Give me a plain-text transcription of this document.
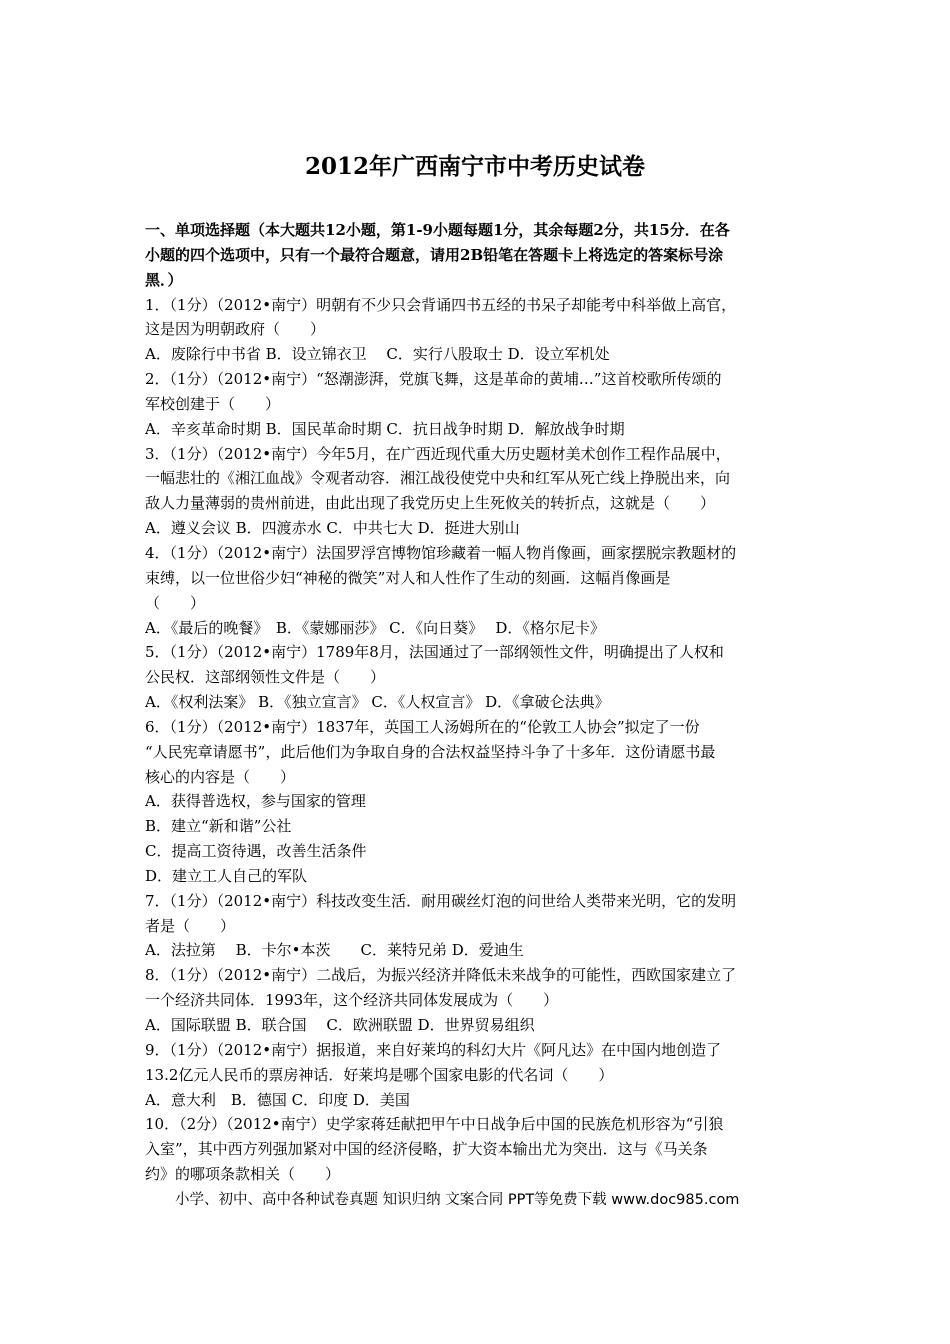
2012年广西南宁市中考历史试卷
一、单项选择题（本大题共12小题，第1-9小题每题1分，其余每题2分，共15分．在各
小题的四个选项中，只有一个最符合题意，请用2B铅笔在答题卡上将选定的答案标号涂
黑．）
1．（1分）（2012•南宁）明朝有不少只会背诵四书五经的书呆子却能考中科举做上高官，
这是因为明朝政府（　　）
A．废除行中书省 B．设立锦衣卫　 C．实行八股取士 D．设立军机处
2．（1分）（2012•南宁）“怒潮澎湃，党旗飞舞，这是革命的黄埔…”这首校歌所传颂的
军校创建于（　　）
A．辛亥革命时期 B．国民革命时期 C．抗日战争时期 D．解放战争时期
3．（1分）（2012•南宁）今年5月，在广西近现代重大历史题材美术创作工程作品展中，
一幅悲壮的《湘江血战》令观者动容．湘江战役使党中央和红军从死亡线上挣脱出来，向
敌人力量薄弱的贵州前进，由此出现了我党历史上生死攸关的转折点，这就是（　　）
A．遵义会议 B．四渡赤水 C．中共七大 D．挺进大别山
4．（1分）（2012•南宁）法国罗浮宫博物馆珍藏着一幅人物肖像画，画家摆脱宗教题材的
束缚，以一位世俗少妇“神秘的微笑”对人和人性作了生动的刻画．这幅肖像画是
（　　）
A．《最后的晚餐》　B．《蒙娜丽莎》 C．《向日葵》　 D．《格尔尼卡》
5．（1分）（2012•南宁）1789年8月，法国通过了一部纲领性文件，明确提出了人权和
公民权．这部纲领性文件是（　　）
A．《权利法案》 B．《独立宣言》 C．《人权宣言》 D．《拿破仑法典》
6．（1分）（2012•南宁）1837年，英国工人汤姆所在的“伦敦工人协会”拟定了一份
“人民宪章请愿书”，此后他们为争取自身的合法权益坚持斗争了十多年．这份请愿书最
核心的内容是（　　）
A．获得普选权，参与国家的管理
B．建立“新和谐”公社
C．提高工资待遇，改善生活条件
D．建立工人自己的军队
7．（1分）（2012•南宁）科技改变生活．耐用碳丝灯泡的问世给人类带来光明，它的发明
者是（　　）
A．法拉第　 B．卡尔•本茨　　C．莱特兄弟 D．爱迪生
8．（1分）（2012•南宁）二战后，为振兴经济并降低未来战争的可能性，西欧国家建立了
一个经济共同体．1993年，这个经济共同体发展成为（　　）
A．国际联盟 B．联合国　 C．欧洲联盟 D．世界贸易组织
9．（1分）（2012•南宁）据报道，来自好莱坞的科幻大片《阿凡达》在中国内地创造了
13.2亿元人民币的票房神话．好莱坞是哪个国家电影的代名词（　　）
A．意大利　B．德国 C．印度 D．美国
10．（2分）（2012•南宁）史学家蒋廷献把甲午中日战争后中国的民族危机形容为“引狼
入室”，其中西方列强加紧对中国的经济侵略，扩大资本输出尤为突出．这与《马关条
约》的哪项条款相关（　　）
小学、初中、高中各种试卷真题 知识归纳 文案合同 PPT等免费下载 www.doc985.com
